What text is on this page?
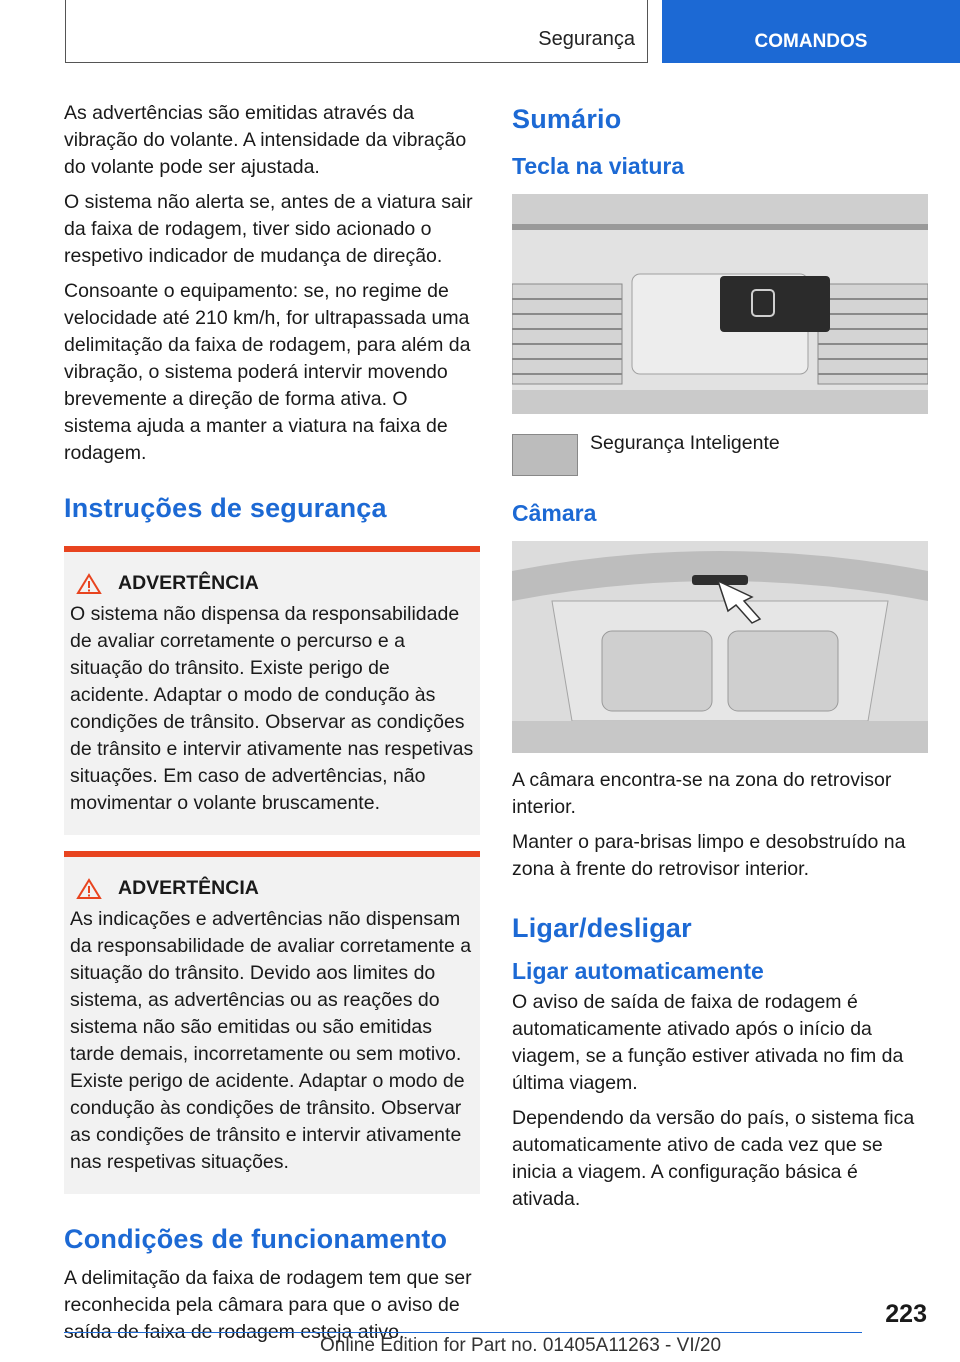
Segurança	COMANDOS

As advertências são emitidas através da vibração do volante. A intensidade da vibração do volante pode ser ajustada.

O sistema não alerta se, antes de a viatura sair da faixa de rodagem, tiver sido acionado o respetivo indicador de mudança de direção.

Consoante o equipamento: se, no regime de velocidade até 210 km/h, for ultrapassada uma delimitação da faixa de rodagem, para além da vibração, o sistema poderá intervir movendo brevemente a direção de forma ativa. O sistema ajuda a manter a viatura na faixa de rodagem.

Instruções de segurança
ADVERTÊNCIA

O sistema não dispensa da responsabilidade de avaliar corretamente o percurso e a situação do trânsito. Existe perigo de acidente. Adaptar o modo de condução às condições de trânsito. Observar as condições de trânsito e intervir ativamente nas respetivas situações. Em caso de advertências, não movimentar o volante bruscamente.

ADVERTÊNCIA

As indicações e advertências não dispensam da responsabilidade de avaliar corretamente a situação do trânsito. Devido aos limites do sistema, as advertências ou as reações do sistema não são emitidas ou são emitidas tarde demais, incorretamente ou sem motivo. Existe perigo de acidente. Adaptar o modo de condução às condições de trânsito. Observar as condições de trânsito e intervir ativamente nas respetivas situações.

Condições de funcionamento

A delimitação da faixa de rodagem tem que ser reconhecida pela câmara para que o aviso de saída de faixa de rodagem esteja ativo.

Sumário
Tecla na viatura

Segurança Inteligente

Câmara

A câmara encontra-se na zona do retrovisor interior.

Manter o para-brisas limpo e desobstruído na zona à frente do retrovisor interior.

Ligar/desligar
Ligar automaticamente

O aviso de saída de faixa de rodagem é automaticamente ativado após o início da viagem, se a função estiver ativada no fim da última viagem.

Dependendo da versão do país, o sistema fica automaticamente ativo de cada vez que se inicia a viagem. A configuração básica é ativada.

223
Online Edition for Part no. 01405A11263 - VI/20
